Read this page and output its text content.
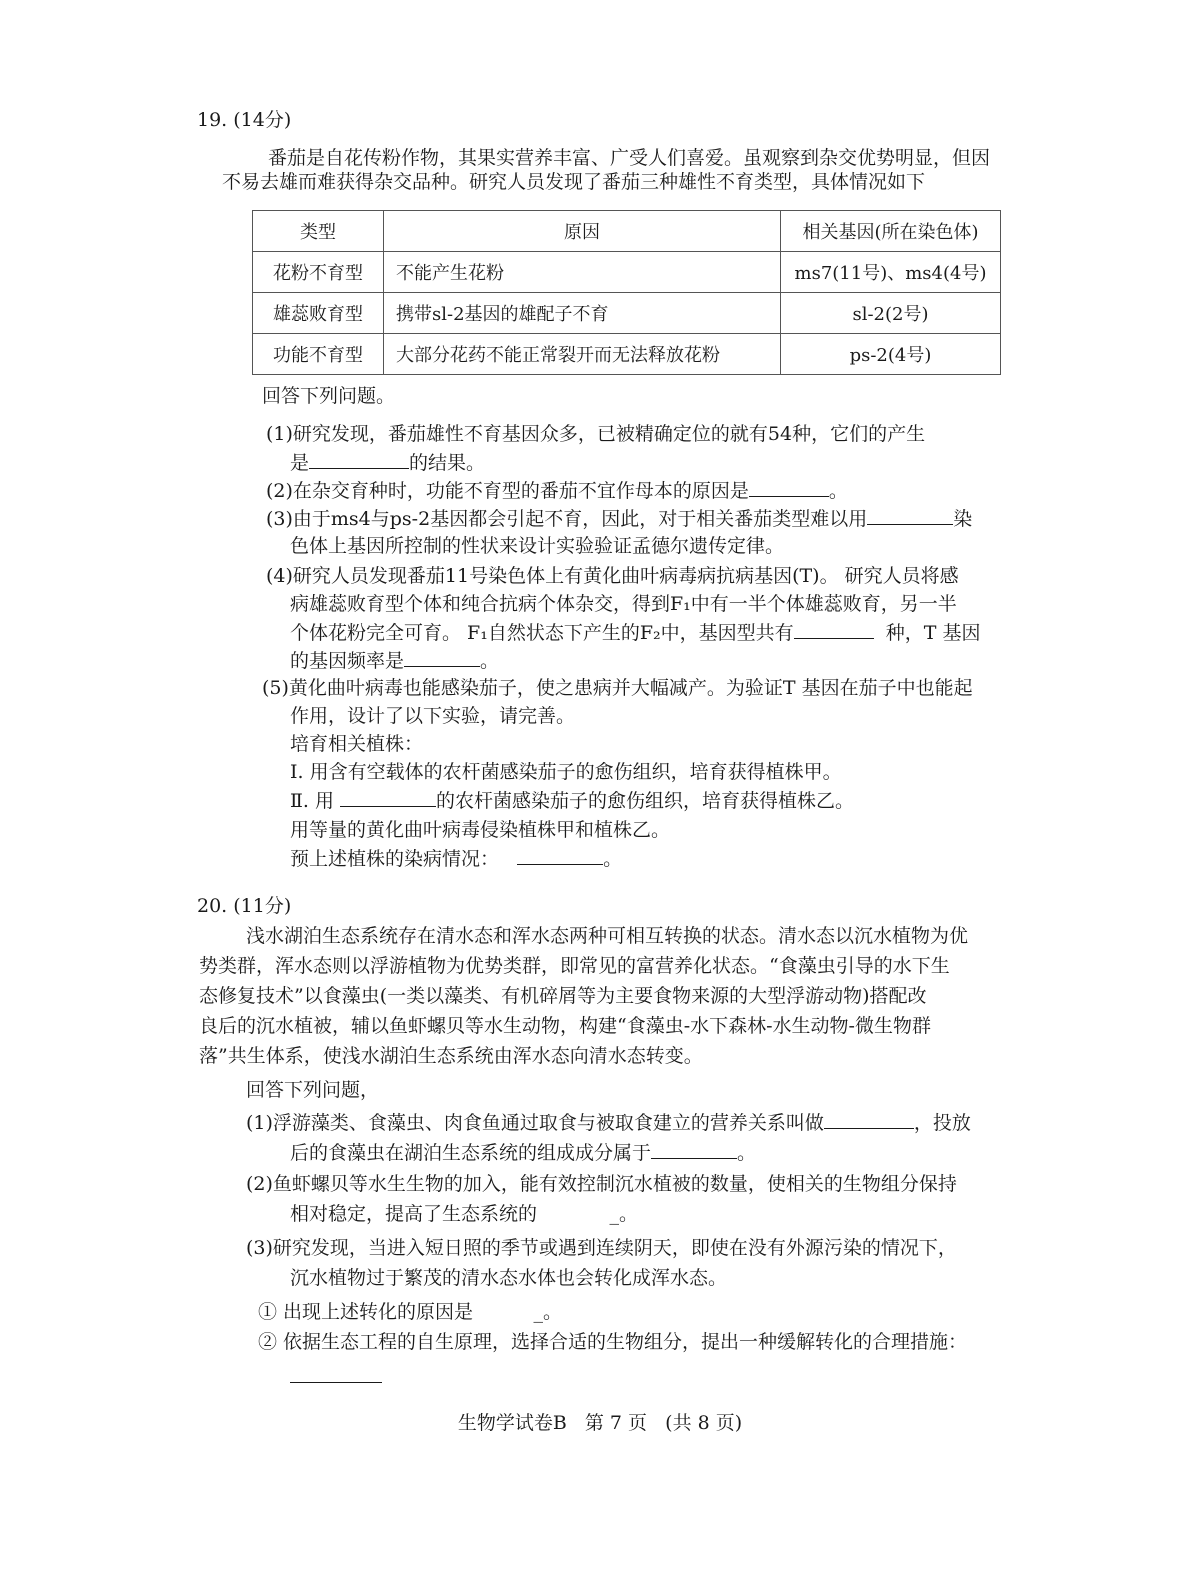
19. (14分)
番茄是自花传粉作物，其果实营养丰富、广受人们喜爱。虽观察到杂交优势明显，但因
不易去雄而难获得杂交品种。研究人员发现了番茄三种雄性不育类型，具体情况如下
类型	原因	相关基因(所在染色体)
花粉不育型	不能产生花粉	ms7(11号)、ms4(4号)
雄蕊败育型	携带sl-2基因的雄配子不育	sl-2(2号)
功能不育型	大部分花药不能正常裂开而无法释放花粉	ps-2(4号)
回答下列问题。
(1)研究发现，番茄雄性不育基因众多，已被精确定位的就有54种，它们的产生
是	的结果。
(2)在杂交育种时，功能不育型的番茄不宜作母本的原因是	。
(3)由于ms4与ps-2基因都会引起不育，因此，对于相关番茄类型难以用	染
色体上基因所控制的性状来设计实验验证孟德尔遗传定律。
(4)研究人员发现番茄11号染色体上有黄化曲叶病毒病抗病基因(T)。 研究人员将感
病雄蕊败育型个体和纯合抗病个体杂交，得到F₁中有一半个体雄蕊败育，另一半
个体花粉完全可育。 F₁自然状态下产生的F₂中，基因型共有	种，T 基因
的基因频率是	。
(5)黄化曲叶病毒也能感染茄子，使之患病并大幅减产。为验证T 基因在茄子中也能起
作用，设计了以下实验，请完善。
培育相关植株：
Ⅰ. 用含有空载体的农杆菌感染茄子的愈伤组织，培育获得植株甲。
Ⅱ. 用	的农杆菌感染茄子的愈伤组织，培育获得植株乙。
用等量的黄化曲叶病毒侵染植株甲和植株乙。
预上述植株的染病情况：	。
20. (11分)
浅水湖泊生态系统存在清水态和浑水态两种可相互转换的状态。清水态以沉水植物为优
势类群，浑水态则以浮游植物为优势类群，即常见的富营养化状态。“食藻虫引导的水下生
态修复技术”以食藻虫(一类以藻类、有机碎屑等为主要食物来源的大型浮游动物)搭配改
良后的沉水植被，辅以鱼虾螺贝等水生动物，构建“食藻虫-水下森林-水生动物-微生物群
落”共生体系，使浅水湖泊生态系统由浑水态向清水态转变。
回答下列问题，
(1)浮游藻类、食藻虫、肉食鱼通过取食与被取食建立的营养关系叫做	，投放
后的食藻虫在湖泊生态系统的组成成分属于	。
(2)鱼虾螺贝等水生生物的加入，能有效控制沉水植被的数量，使相关的生物组分保持
相对稳定，提高了生态系统的	_。
(3)研究发现，当进入短日照的季节或遇到连续阴天，即使在没有外源污染的情况下，
沉水植物过于繁茂的清水态水体也会转化成浑水态。
① 出现上述转化的原因是	_。
② 依据生态工程的自生原理，选择合适的生物组分，提出一种缓解转化的合理措施：
生物学试卷B   第 7 页   (共 8 页)
